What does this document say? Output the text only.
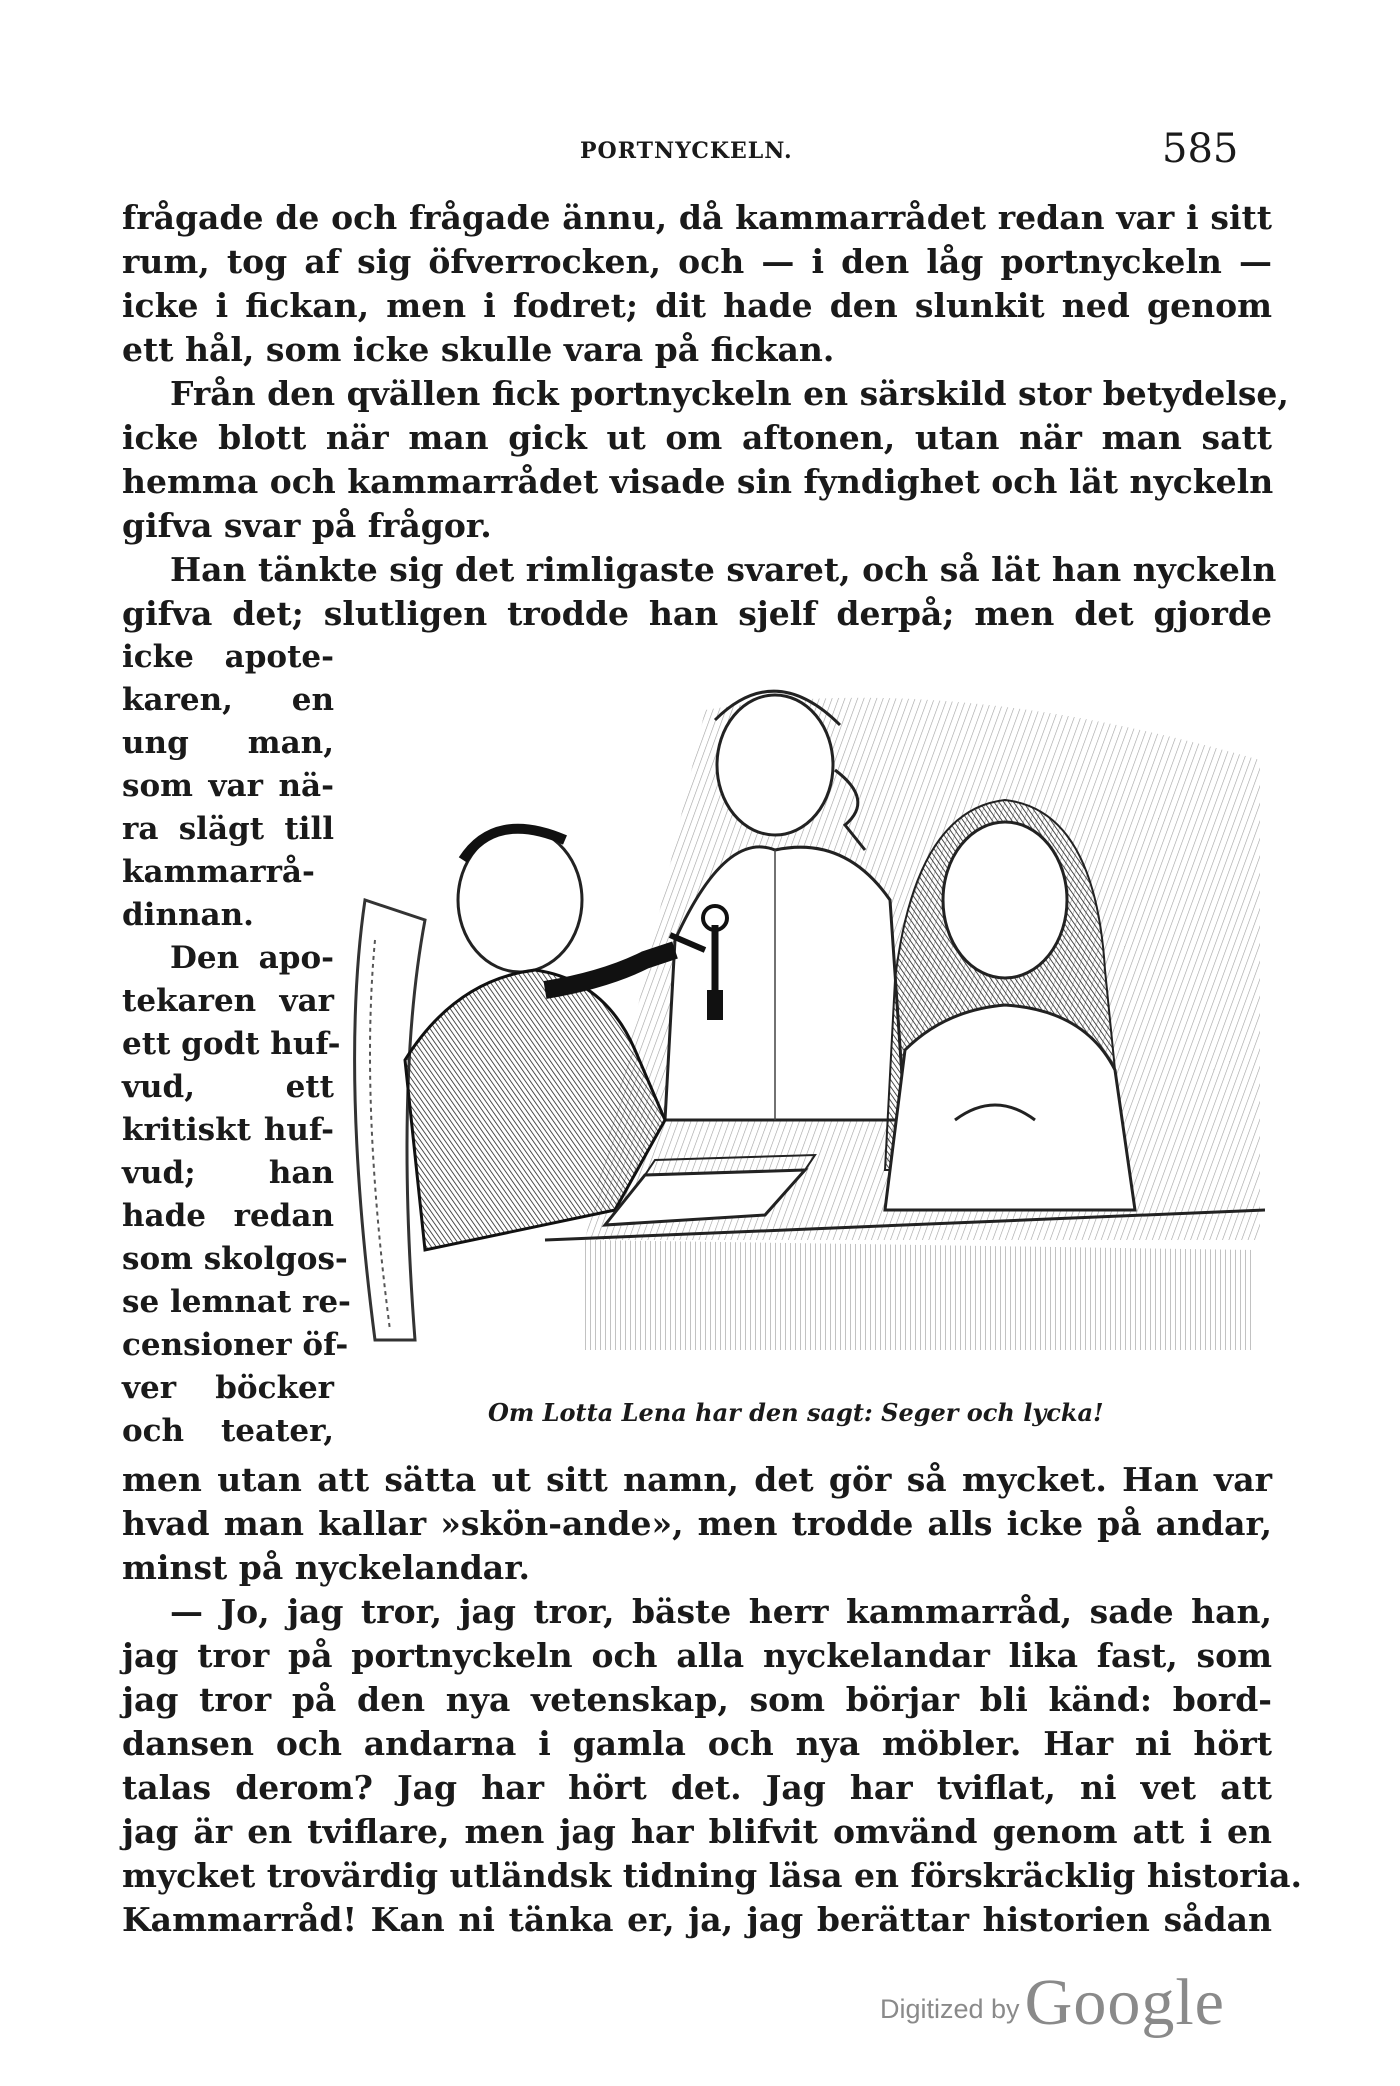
PORTNYCKELN.	585
frågade de och frågade ännu, då kammarrådet redan var i sitt
rum, tog af sig öfverrocken, och — i den låg portnyckeln —
icke i fickan, men i fodret; dit hade den slunkit ned genom
ett hål, som icke skulle vara på fickan.
Från den qvällen fick portnyckeln en särskild stor betydelse,
icke blott när man gick ut om aftonen, utan när man satt
hemma och kammarrådet visade sin fyndighet och lät nyckeln
gifva svar på frågor.
Han tänkte sig det rimligaste svaret, och så lät han nyckeln
gifva det; slutligen trodde han sjelf derpå; men det gjorde
icke apote-
karen, en
ung man,
som var nä-
ra slägt till
kammarrå-
dinnan.
Den apo-
tekaren var
ett godt huf-
vud, ett
kritiskt huf-
vud; han
hade redan
som skolgos-
se lemnat re-
censioner öf-
ver böcker
och teater,
Om Lotta Lena har den sagt: Seger och lycka!
men utan att sätta ut sitt namn, det gör så mycket. Han var
hvad man kallar »skön-ande», men trodde alls icke på andar,
minst på nyckelandar.
— Jo, jag tror, jag tror, bäste herr kammarråd, sade han,
jag tror på portnyckeln och alla nyckelandar lika fast, som
jag tror på den nya vetenskap, som börjar bli känd: bord-
dansen och andarna i gamla och nya möbler. Har ni hört
talas derom? Jag har hört det. Jag har tviflat, ni vet att
jag är en tviflare, men jag har blifvit omvänd genom att i en
mycket trovärdig utländsk tidning läsa en förskräcklig historia.
Kammarråd! Kan ni tänka er, ja, jag berättar historien sådan
Digitized by Google
